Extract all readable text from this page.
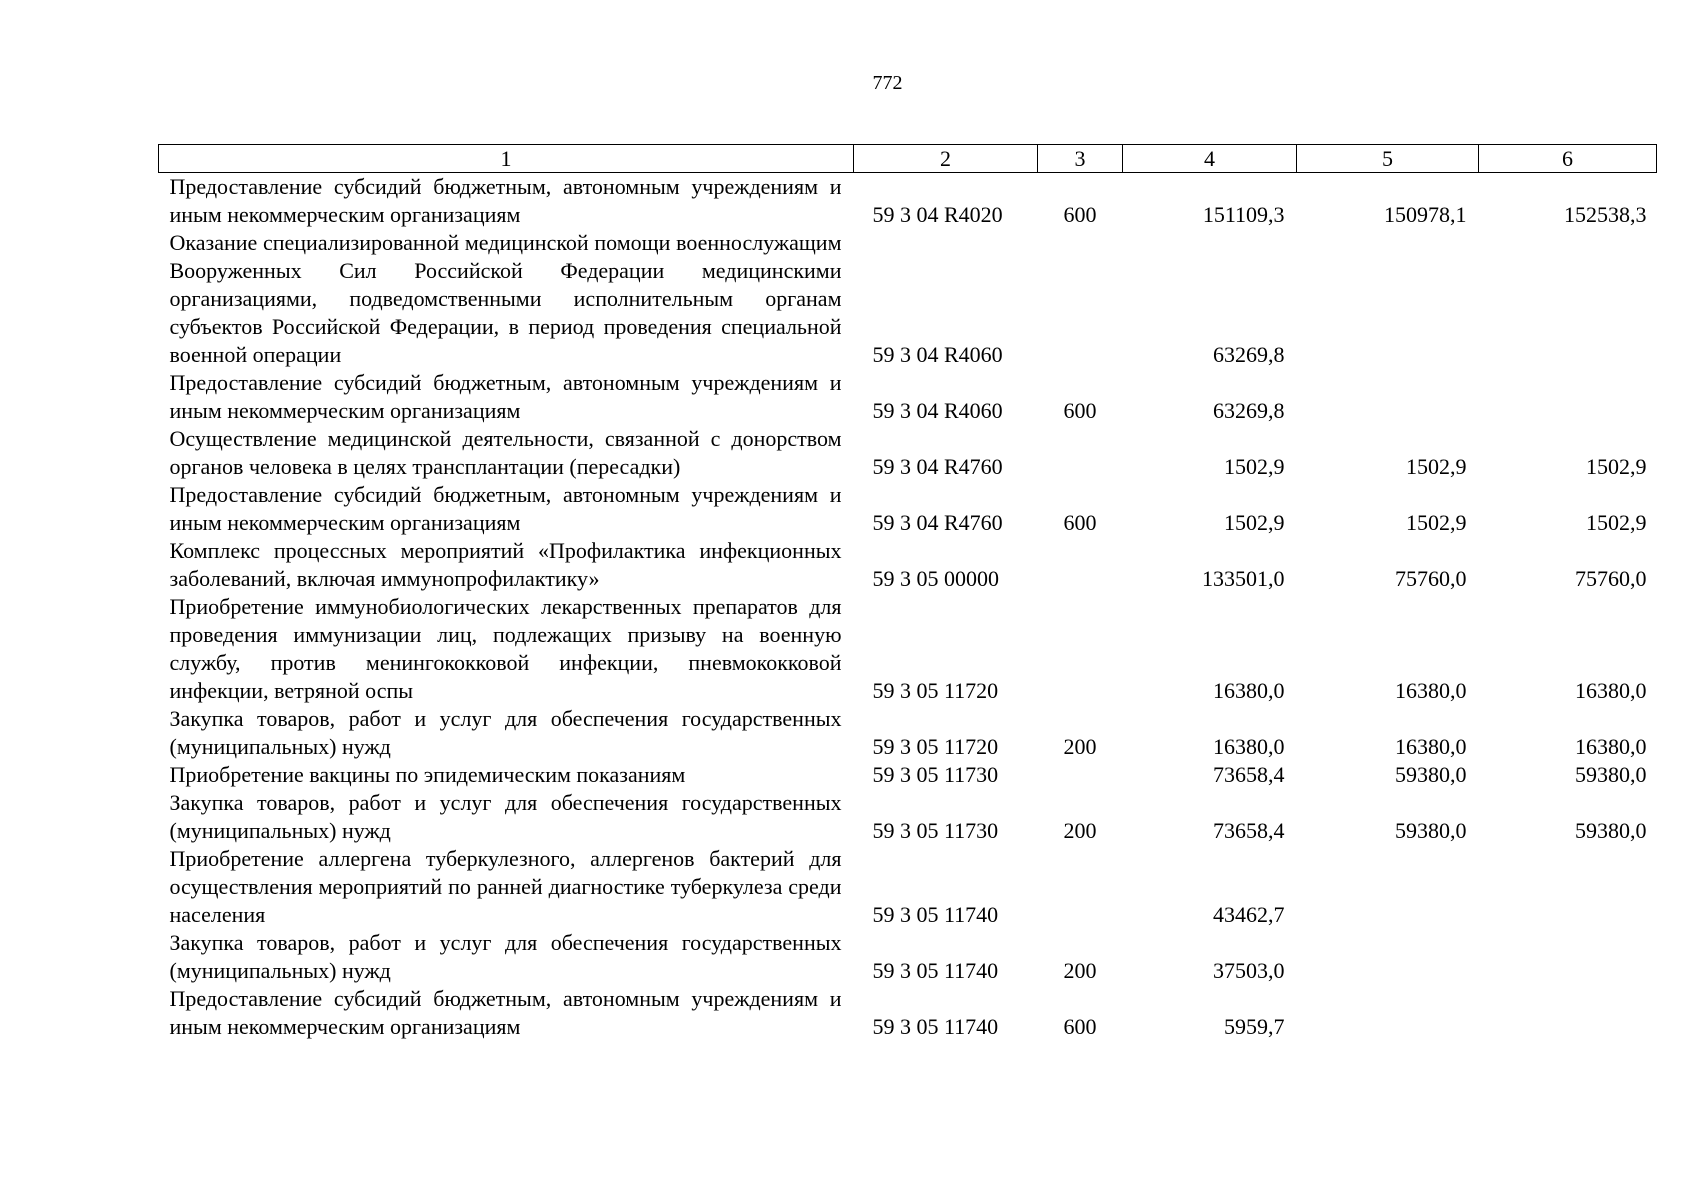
772
1	2	3	4	5	6
Предоставление субсидий бюджетным, автономным учреждениям и иным некоммерческим организациям	59 3 04 R4020	600	151109,3	150978,1	152538,3
Оказание специализированной медицинской помощи военнослужащим Вооруженных Сил Российской Федерации медицинскими организациями, подведомственными исполнительным органам субъектов Российской Федерации, в период проведения специальной военной операции	59 3 04 R4060		63269,8		
Предоставление субсидий бюджетным, автономным учреждениям и иным некоммерческим организациям	59 3 04 R4060	600	63269,8		
Осуществление медицинской деятельности, связанной с донорством органов человека в целях трансплантации (пересадки)	59 3 04 R4760		1502,9	1502,9	1502,9
Предоставление субсидий бюджетным, автономным учреждениям и иным некоммерческим организациям	59 3 04 R4760	600	1502,9	1502,9	1502,9
Комплекс процессных мероприятий «Профилактика инфекционных заболеваний, включая иммунопрофилактику»	59 3 05 00000		133501,0	75760,0	75760,0
Приобретение иммунобиологических лекарственных препаратов для проведения иммунизации лиц, подлежащих призыву на военную службу, против менингококковой инфекции, пневмококковой инфекции, ветряной оспы	59 3 05 11720		16380,0	16380,0	16380,0
Закупка товаров, работ и услуг для обеспечения государственных (муниципальных) нужд	59 3 05 11720	200	16380,0	16380,0	16380,0
Приобретение вакцины по эпидемическим показаниям	59 3 05 11730		73658,4	59380,0	59380,0
Закупка товаров, работ и услуг для обеспечения государственных (муниципальных) нужд	59 3 05 11730	200	73658,4	59380,0	59380,0
Приобретение аллергена туберкулезного, аллергенов бактерий для осуществления мероприятий по ранней диагностике туберкулеза среди населения	59 3 05 11740		43462,7		
Закупка товаров, работ и услуг для обеспечения государственных (муниципальных) нужд	59 3 05 11740	200	37503,0		
Предоставление субсидий бюджетным, автономным учреждениям и иным некоммерческим организациям	59 3 05 11740	600	5959,7		
